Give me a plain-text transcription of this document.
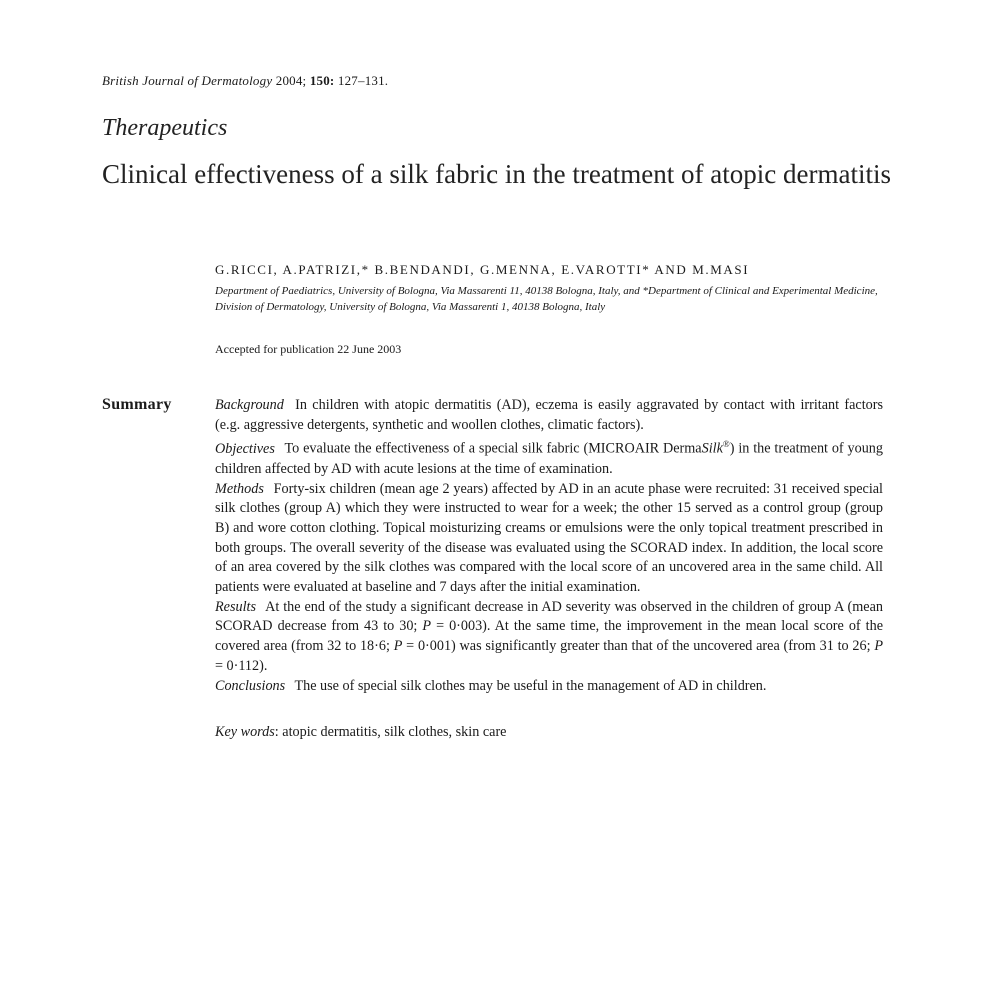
British Journal of Dermatology 2004; 150: 127–131.
Therapeutics
Clinical effectiveness of a silk fabric in the treatment of atopic dermatitis
G.RICCI, A.PATRIZI,* B.BENDANDI, G.MENNA, E.VAROTTI* AND M.MASI
Department of Paediatrics, University of Bologna, Via Massarenti 11, 40138 Bologna, Italy, and *Department of Clinical and Experimental Medicine, Division of Dermatology, University of Bologna, Via Massarenti 1, 40138 Bologna, Italy
Accepted for publication 22 June 2003
Summary	Background In children with atopic dermatitis (AD), eczema is easily aggravated by contact with irritant factors (e.g. aggressive detergents, synthetic and woollen clothes, climatic factors).

Objectives To evaluate the effectiveness of a special silk fabric (MICROAIR DermaSilk®) in the treatment of young children affected by AD with acute lesions at the time of examination.

Methods Forty-six children (mean age 2 years) affected by AD in an acute phase were recruited: 31 received special silk clothes (group A) which they were instructed to wear for a week; the other 15 served as a control group (group B) and wore cotton clothing. Topical moisturizing creams or emulsions were the only topical treatment prescribed in both groups. The overall severity of the disease was evaluated using the SCORAD index. In addition, the local score of an area covered by the silk clothes was compared with the local score of an uncovered area in the same child. All patients were evaluated at baseline and 7 days after the initial examination.

Results At the end of the study a significant decrease in AD severity was observed in the children of group A (mean SCORAD decrease from 43 to 30; P = 0·003). At the same time, the improvement in the mean local score of the covered area (from 32 to 18·6; P = 0·001) was significantly greater than that of the uncovered area (from 31 to 26; P = 0·112).

Conclusions The use of special silk clothes may be useful in the management of AD in children.

Key words: atopic dermatitis, silk clothes, skin care
